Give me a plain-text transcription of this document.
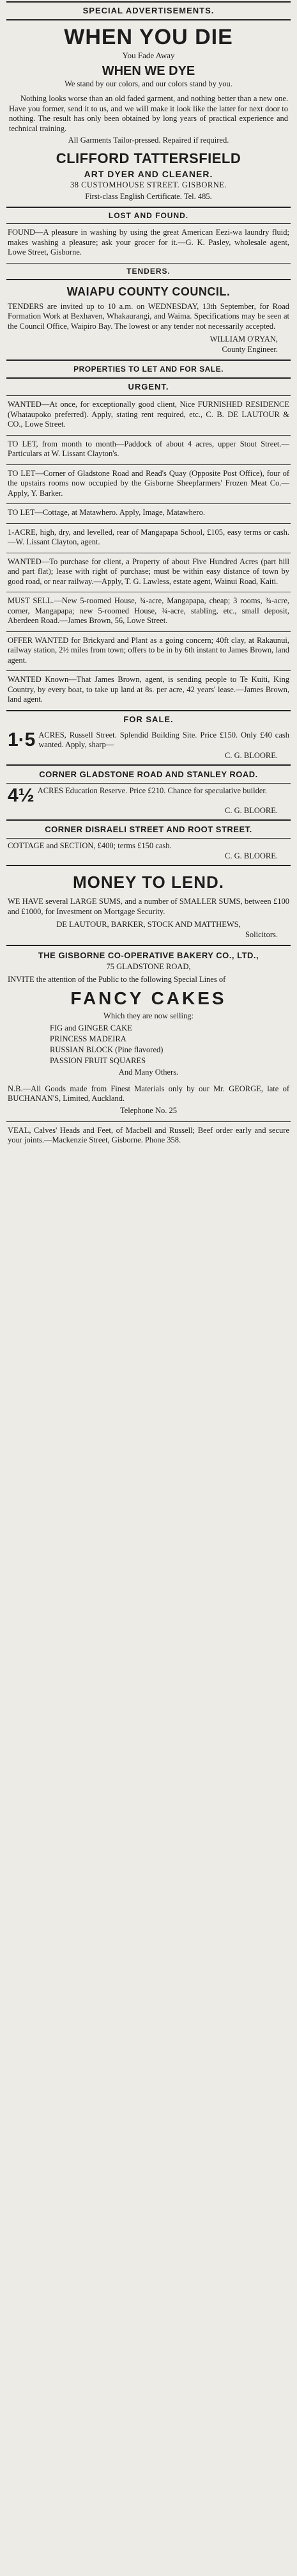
SPECIAL ADVERTISEMENTS.
WHEN YOU DIE
You Fade Away
WHEN WE DYE
We stand by our colors, and our colors stand by you.

Nothing looks worse than an old faded garment, and nothing better than a new one. Have you former, send it to us, and we will make it look like the latter for next door to nothing. The result has only been obtained by long years of practical experience and technical training.

All Garments Tailor-pressed. Repaired if required.
CLIFFORD TATTERSFIELD
ART DYER AND CLEANER.
38 CUSTOMHOUSE STREET. GISBORNE.
First-class English Certificate. Tel. 485.
LOST AND FOUND.

FOUND—A pleasure in washing by using the great American Eezi-wa laundry fluid; makes washing a pleasure; ask your grocer for it.—G. K. Pasley, wholesale agent, Lowe Street, Gisborne.

TENDERS.
WAIAPU COUNTY COUNCIL.

TENDERS are invited up to 10 a.m. on WEDNESDAY, 13th September, for Road Formation Work at Bexhaven, Whakaurangi, and Waima. Specifications may be seen at the Council Office, Waipiro Bay. The lowest or any tender not necessarily accepted.

WILLIAM O'RYAN,
County Engineer.
PROPERTIES TO LET AND FOR SALE.
URGENT.

WANTED—At once, for exceptionally good client, Nice FURNISHED RESIDENCE (Whataupoko preferred). Apply, stating rent required, etc., C. B. DE LAUTOUR & CO., Lowe Street.

TO LET, from month to month—Paddock of about 4 acres, upper Stout Street.—Particulars at W. Lissant Clayton's.

TO LET—Corner of Gladstone Road and Read's Quay (Opposite Post Office), four of the upstairs rooms now occupied by the Gisborne Sheepfarmers' Frozen Meat Co.—Apply, Y. Barker.

TO LET—Cottage, at Matawhero. Apply, Image, Matawhero.

1-ACRE, high, dry, and levelled, rear of Mangapapa School, £105, easy terms or cash.—W. Lissant Clayton, agent.

WANTED—To purchase for client, a Property of about Five Hundred Acres (part hill and part flat); lease with right of purchase; must be within easy distance of town by good road, or near railway.—Apply, T. G. Lawless, estate agent, Wainui Road, Kaiti.

MUST SELL.—New 5-roomed House, ¾-acre, Mangapapa, cheap; 3 rooms, ¾-acre, corner, Mangapapa; new 5-roomed House, ¾-acre, stabling, etc., small deposit, Aberdeen Road.—James Brown, 56, Lowe Street.

OFFER WANTED for Brickyard and Plant as a going concern; 40ft clay, at Rakaunui, railway station, 2½ miles from town; offers to be in by 6th instant to James Brown, land agent.

WANTED Known—That James Brown, agent, is sending people to Te Kuiti, King Country, by every boat, to take up land at 8s. per acre, 42 years' lease.—James Brown, land agent.

FOR SALE.
1·5 ACRES, Russell Street. Splendid Building Site. Price £150. Only £40 cash wanted. Apply, sharp—

C. G. BLOORE.
CORNER GLADSTONE ROAD AND STANLEY ROAD.
4½ ACRES Education Reserve. Price £210. Chance for speculative builder.

C. G. BLOORE.
CORNER DISRAELI STREET AND ROOT STREET.

COTTAGE and SECTION, £400; terms £150 cash.

C. G. BLOORE.
MONEY TO LEND.

WE HAVE several LARGE SUMS, and a number of SMALLER SUMS, between £100 and £1000, for Investment on Mortgage Security.

DE LAUTOUR, BARKER, STOCK AND MATTHEWS,
Solicitors.
THE GISBORNE CO-OPERATIVE BAKERY CO., LTD.,
75 GLADSTONE ROAD,

INVITE the attention of the Public to the following Special Lines of

FANCY CAKES
Which they are now selling:
FIG and GINGER CAKE
PRINCESS MADEIRA
RUSSIAN BLOCK (Pine flavored)
PASSION FRUIT SQUARES
And Many Others.

N.B.—All Goods made from Finest Materials only by our Mr. GEORGE, late of BUCHANAN'S, Limited, Auckland.

Telephone No. 25

VEAL, Calves' Heads and Feet, of Macbell and Russell; Beef order early and secure your joints.—Mackenzie Street, Gisborne. Phone 358.
